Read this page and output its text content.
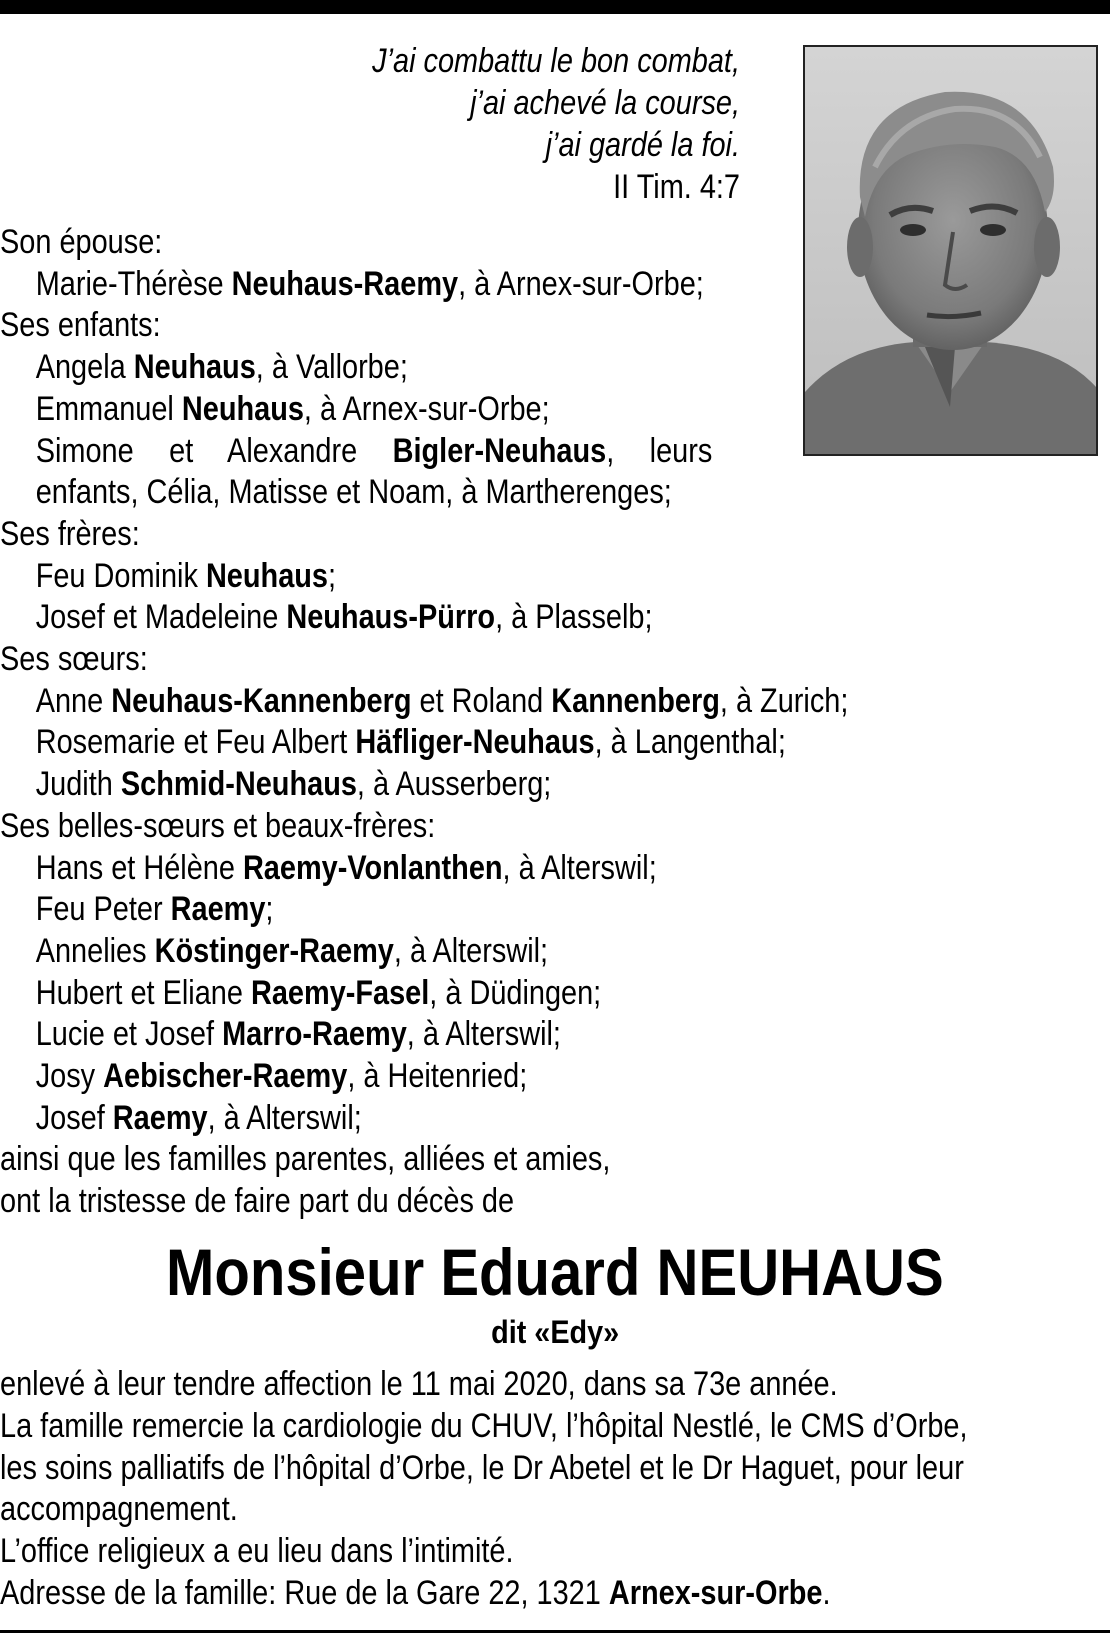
J’ai combattu le bon combat,
j’ai achevé la course,
j’ai gardé la foi.
II Tim. 4:7
Son épouse:
Marie-Thérèse Neuhaus-Raemy, à Arnex-sur-Orbe;
Ses enfants:
Angela Neuhaus, à Vallorbe;
Emmanuel Neuhaus, à Arnex-sur-Orbe;
Simone et Alexandre Bigler-Neuhaus, leurs
enfants, Célia, Matisse et Noam, à Martherenges;
Ses frères:
Feu Dominik Neuhaus;
Josef et Madeleine Neuhaus-Pürro, à Plasselb;
Ses sœurs:
Anne Neuhaus-Kannenberg et Roland Kannenberg, à Zurich;
Rosemarie et Feu Albert Häfliger-Neuhaus, à Langenthal;
Judith Schmid-Neuhaus, à Ausserberg;
Ses belles-sœurs et beaux-frères:
Hans et Hélène Raemy-Vonlanthen, à Alterswil;
Feu Peter Raemy;
Annelies Köstinger-Raemy, à Alterswil;
Hubert et Eliane Raemy-Fasel, à Düdingen;
Lucie et Josef Marro-Raemy, à Alterswil;
Josy Aebischer-Raemy, à Heitenried;
Josef Raemy, à Alterswil;
ainsi que les familles parentes, alliées et amies,
ont la tristesse de faire part du décès de
Monsieur Eduard NEUHAUS
dit «Edy»
enlevé à leur tendre affection le 11 mai 2020, dans sa 73e année.
La famille remercie la cardiologie du CHUV, l’hôpital Nestlé, le CMS d’Orbe,
les soins palliatifs de l’hôpital d’Orbe, le Dr Abetel et le Dr Haguet, pour leur
accompagnement.
L’office religieux a eu lieu dans l’intimité.
Adresse de la famille: Rue de la Gare 22, 1321 Arnex-sur-Orbe.
